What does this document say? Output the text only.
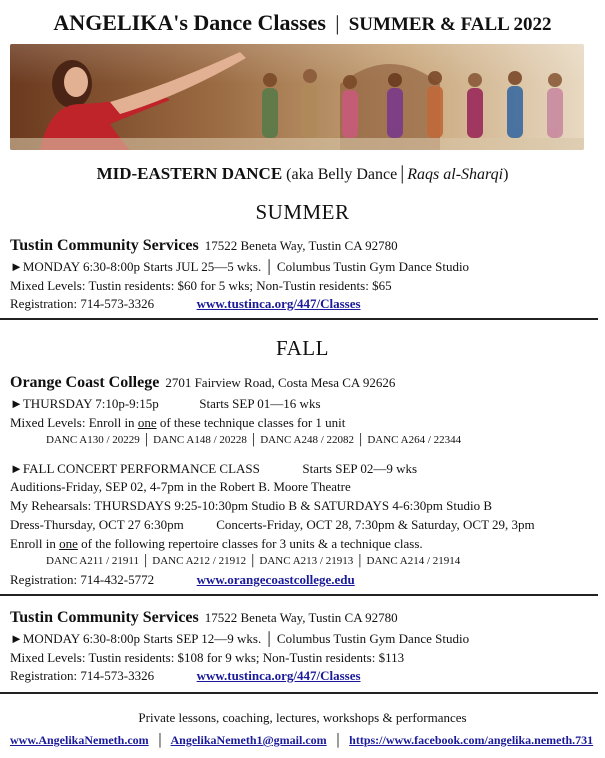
ANGELIKA's Dance Classes | SUMMER & FALL 2022
MID-EASTERN DANCE (aka Belly Dance | Raqs al-Sharqi)
SUMMER
Tustin Community Services 17522 Beneta Way, Tustin CA 92780
►MONDAY 6:30-8:00p Starts JUL 25—5 wks. │ Columbus Tustin Gym Dance Studio
Mixed Levels: Tustin residents: $60 for 5 wks; Non-Tustin residents: $65
Registration: 714-573-3326	www.tustinca.org/447/Classes
FALL
Orange Coast College 2701 Fairview Road, Costa Mesa CA 92626
►THURSDAY 7:10p-9:15p	Starts SEP 01—16 wks
Mixed Levels: Enroll in one of these technique classes for 1 unit
DANC A130 / 20229 │ DANC A148 / 20228 │ DANC A248 / 22082 │ DANC A264 / 22344
►FALL CONCERT PERFORMANCE CLASS	Starts SEP 02—9 wks
Auditions-Friday, SEP 02, 4-7pm in the Robert B. Moore Theatre
My Rehearsals: THURSDAYS 9:25-10:30pm Studio B & SATURDAYS 4-6:30pm Studio B
Dress-Thursday, OCT 27 6:30pm	Concerts-Friday, OCT 28, 7:30pm & Saturday, OCT 29, 3pm
Enroll in one of the following repertoire classes for 3 units & a technique class.
DANC A211 / 21911 │ DANC A212 / 21912 │ DANC A213 / 21913 │ DANC A214 / 21914
Registration: 714-432-5772	www.orangecoastcollege.edu
Tustin Community Services 17522 Beneta Way, Tustin CA 92780
►MONDAY 6:30-8:00p Starts SEP 12—9 wks. │ Columbus Tustin Gym Dance Studio
Mixed Levels: Tustin residents: $108 for 9 wks; Non-Tustin residents: $113
Registration: 714-573-3326	www.tustinca.org/447/Classes
Private lessons, coaching, lectures, workshops & performances
www.AngelikaNemeth.com │ AngelikaNemeth1@gmail.com │ https://www.facebook.com/angelika.nemeth.731
